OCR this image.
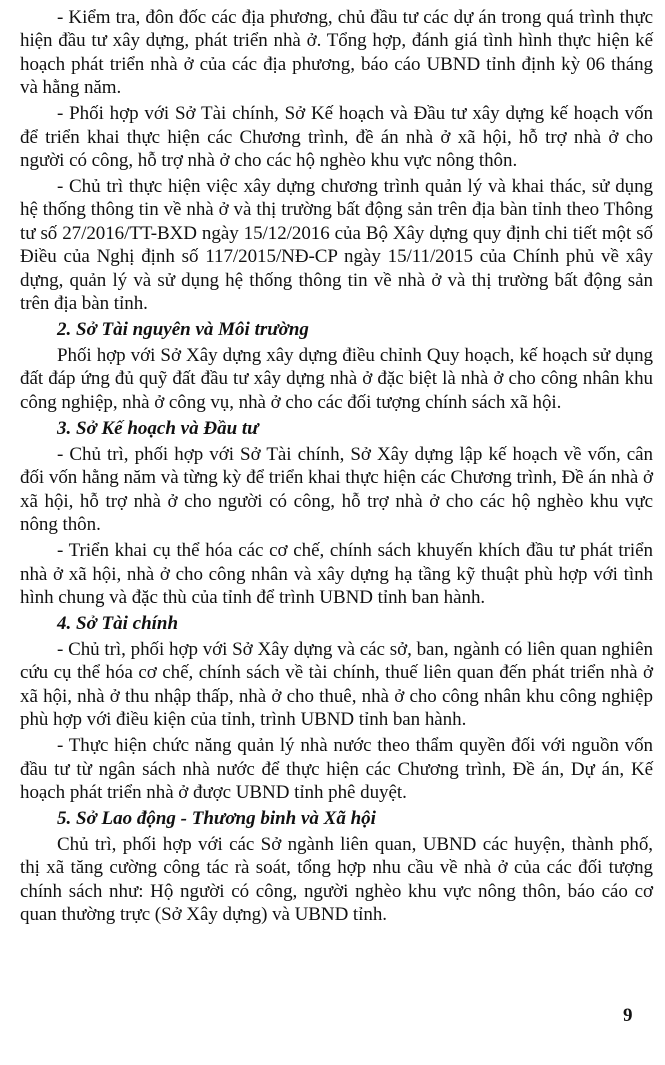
- Kiểm tra, đôn đốc các địa phương, chủ đầu tư các dự án trong quá trình thực hiện đầu tư xây dựng, phát triển nhà ở. Tổng hợp, đánh giá tình hình thực hiện kế hoạch phát triển nhà ở của các địa phương, báo cáo UBND tỉnh định kỳ 06 tháng và hằng năm.

- Phối hợp với Sở Tài chính, Sở Kế hoạch và Đầu tư xây dựng kế hoạch vốn để triển khai thực hiện các Chương trình, đề án nhà ở xã hội, hỗ trợ nhà ở cho người có công, hỗ trợ nhà ở cho các hộ nghèo khu vực nông thôn.

- Chủ trì thực hiện việc xây dựng chương trình quản lý và khai thác, sử dụng hệ thống thông tin về nhà ở và thị trường bất động sản trên địa bàn tỉnh theo Thông tư số 27/2016/TT-BXD ngày 15/12/2016 của Bộ Xây dựng quy định chi tiết một số Điều của Nghị định số 117/2015/NĐ-CP ngày 15/11/2015 của Chính phủ về xây dựng, quản lý và sử dụng hệ thống thông tin về nhà ở và thị trường bất động sản trên địa bàn tỉnh.

2. Sở Tài nguyên và Môi trường

Phối hợp với Sở Xây dựng xây dựng điều chỉnh Quy hoạch, kế hoạch sử dụng đất đáp ứng đủ quỹ đất đầu tư xây dựng nhà ở đặc biệt là nhà ở cho công nhân khu công nghiệp, nhà ở công vụ, nhà ở cho các đối tượng chính sách xã hội.

3. Sở Kế hoạch và Đầu tư

- Chủ trì, phối hợp với Sở Tài chính, Sở Xây dựng lập kế hoạch về vốn, cân đối vốn hằng năm và từng kỳ để triển khai thực hiện các Chương trình, Đề án nhà ở xã hội, hỗ trợ nhà ở cho người có công, hỗ trợ nhà ở cho các hộ nghèo khu vực nông thôn.

- Triển khai cụ thể hóa các cơ chế, chính sách khuyến khích đầu tư phát triển nhà ở xã hội, nhà ở cho công nhân và xây dựng hạ tầng kỹ thuật phù hợp với tình hình chung và đặc thù của tỉnh để trình UBND tỉnh ban hành.

4. Sở Tài chính

- Chủ trì, phối hợp với Sở Xây dựng và các sở, ban, ngành có liên quan nghiên cứu cụ thể hóa cơ chế, chính sách về tài chính, thuế liên quan đến phát triển nhà ở xã hội, nhà ở thu nhập thấp, nhà ở cho thuê, nhà ở cho công nhân khu công nghiệp phù hợp với điều kiện của tỉnh, trình UBND tỉnh ban hành.

- Thực hiện chức năng quản lý nhà nước theo thẩm quyền đối với nguồn vốn đầu tư từ ngân sách nhà nước để thực hiện các Chương trình, Đề án, Dự án, Kế hoạch phát triển nhà ở được UBND tỉnh phê duyệt.

5. Sở Lao động - Thương binh và Xã hội

Chủ trì, phối hợp với các Sở ngành liên quan, UBND các huyện, thành phố, thị xã tăng cường công tác rà soát, tổng hợp nhu cầu về nhà ở của các đối tượng chính sách như: Hộ người có công, người nghèo khu vực nông thôn, báo cáo cơ quan thường trực (Sở Xây dựng) và UBND tỉnh.

9
